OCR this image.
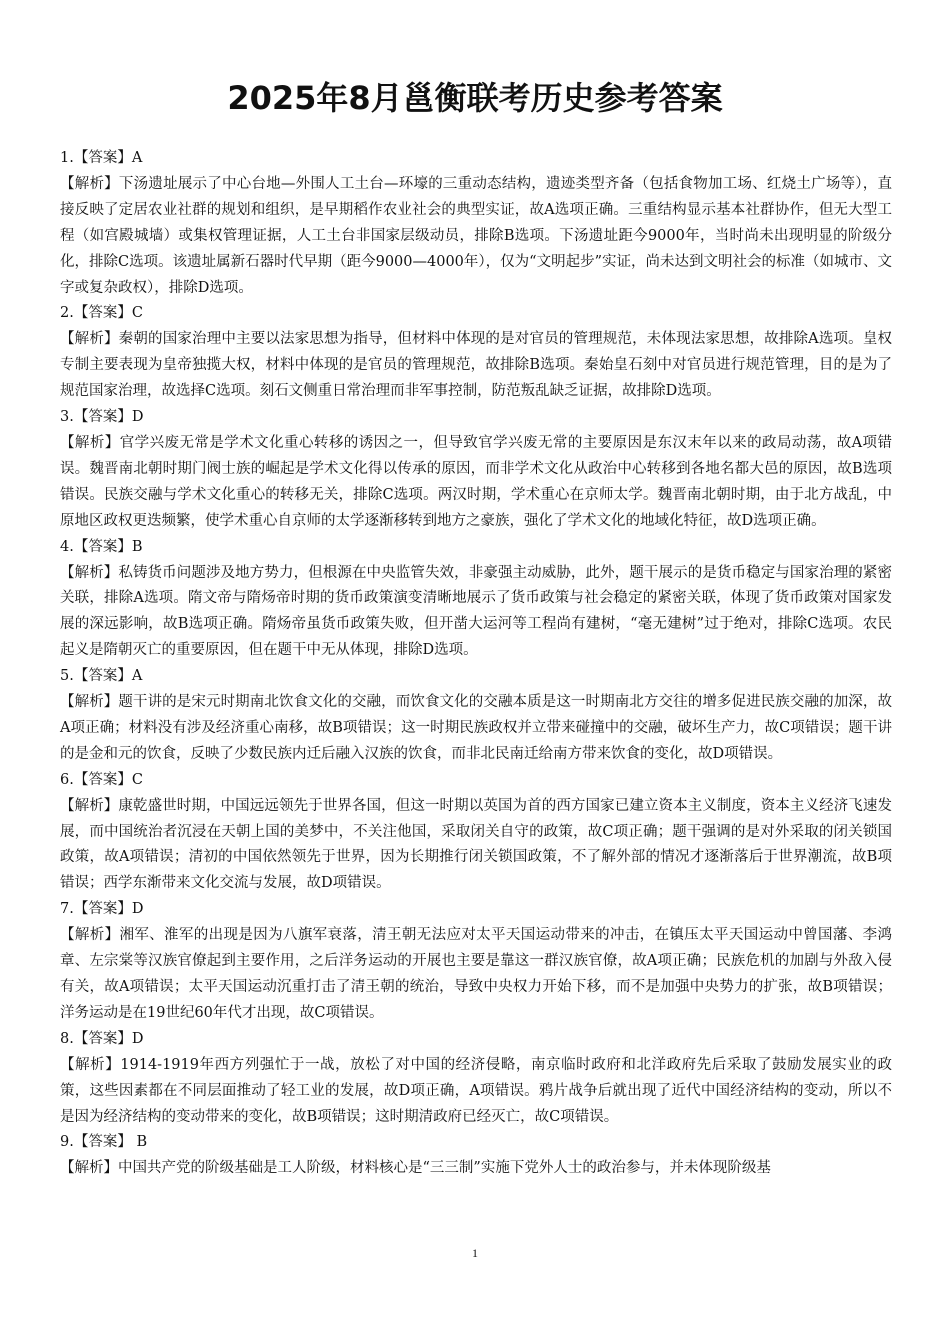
2025年8月邕衡联考历史参考答案

1.【答案】A

【解析】下汤遗址展示了中心台地—外围人工土台—环壕的三重动态结构，遗迹类型齐备（包括食物加工场、红烧土广场等），直接反映了定居农业社群的规划和组织，是早期稻作农业社会的典型实证，故A选项正确。三重结构显示基本社群协作，但无大型工程（如宫殿城墙）或集权管理证据，人工土台非国家层级动员，排除B选项。下汤遗址距今9000年，当时尚未出现明显的阶级分化，排除C选项。该遗址属新石器时代早期（距今9000—4000年），仅为“文明起步”实证，尚未达到文明社会的标准（如城市、文字或复杂政权），排除D选项。

2.【答案】C

【解析】秦朝的国家治理中主要以法家思想为指导，但材料中体现的是对官员的管理规范，未体现法家思想，故排除A选项。皇权专制主要表现为皇帝独揽大权，材料中体现的是官员的管理规范，故排除B选项。秦始皇石刻中对官员进行规范管理，目的是为了规范国家治理，故选择C选项。刻石文侧重日常治理而非军事控制，防范叛乱缺乏证据，故排除D选项。

3.【答案】D

【解析】官学兴废无常是学术文化重心转移的诱因之一，但导致官学兴废无常的主要原因是东汉末年以来的政局动荡，故A项错误。魏晋南北朝时期门阀士族的崛起是学术文化得以传承的原因，而非学术文化从政治中心转移到各地名都大邑的原因，故B选项错误。民族交融与学术文化重心的转移无关，排除C选项。两汉时期，学术重心在京师太学。魏晋南北朝时期，由于北方战乱，中原地区政权更迭频繁，使学术重心自京师的太学逐渐移转到地方之豪族，强化了学术文化的地域化特征，故D选项正确。

4.【答案】B

【解析】私铸货币问题涉及地方势力，但根源在中央监管失效，非豪强主动威胁，此外，题干展示的是货币稳定与国家治理的紧密关联，排除A选项。隋文帝与隋炀帝时期的货币政策演变清晰地展示了货币政策与社会稳定的紧密关联，体现了货币政策对国家发展的深远影响，故B选项正确。隋炀帝虽货币政策失败，但开凿大运河等工程尚有建树，“毫无建树”过于绝对，排除C选项。农民起义是隋朝灭亡的重要原因，但在题干中无从体现，排除D选项。

5.【答案】A

【解析】题干讲的是宋元时期南北饮食文化的交融，而饮食文化的交融本质是这一时期南北方交往的增多促进民族交融的加深，故A项正确；材料没有涉及经济重心南移，故B项错误；这一时期民族政权并立带来碰撞中的交融，破坏生产力，故C项错误；题干讲的是金和元的饮食，反映了少数民族内迁后融入汉族的饮食，而非北民南迁给南方带来饮食的变化，故D项错误。

6.【答案】C

【解析】康乾盛世时期，中国远远领先于世界各国，但这一时期以英国为首的西方国家已建立资本主义制度，资本主义经济飞速发展，而中国统治者沉浸在天朝上国的美梦中，不关注他国，采取闭关自守的政策，故C项正确；题干强调的是对外采取的闭关锁国政策，故A项错误；清初的中国依然领先于世界，因为长期推行闭关锁国政策，不了解外部的情况才逐渐落后于世界潮流，故B项错误；西学东渐带来文化交流与发展，故D项错误。

7.【答案】D

【解析】湘军、淮军的出现是因为八旗军衰落，清王朝无法应对太平天国运动带来的冲击，在镇压太平天国运动中曾国藩、李鸿章、左宗棠等汉族官僚起到主要作用，之后洋务运动的开展也主要是靠这一群汉族官僚，故A项正确；民族危机的加剧与外敌入侵有关，故A项错误；太平天国运动沉重打击了清王朝的统治，导致中央权力开始下移，而不是加强中央势力的扩张，故B项错误；洋务运动是在19世纪60年代才出现，故C项错误。

8.【答案】D

【解析】1914-1919年西方列强忙于一战，放松了对中国的经济侵略，南京临时政府和北洋政府先后采取了鼓励发展实业的政策，这些因素都在不同层面推动了轻工业的发展，故D项正确，A项错误。鸦片战争后就出现了近代中国经济结构的变动，所以不是因为经济结构的变动带来的变化，故B项错误；这时期清政府已经灭亡，故C项错误。

9.【答案】 B

【解析】中国共产党的阶级基础是工人阶级，材料核心是“三三制”实施下党外人士的政治参与，并未体现阶级基

1
